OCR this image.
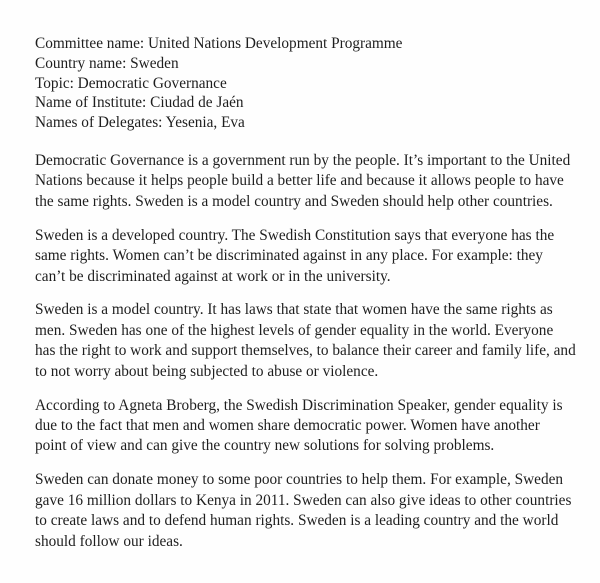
Committee name: United Nations Development Programme
Country name: Sweden
Topic: Democratic Governance
Name of Institute: Ciudad de Jaén
Names of Delegates: Yesenia, Eva
Democratic Governance is a government run by the people. It’s important to the United
Nations because it helps people build a better life and because it allows people to have
the same rights. Sweden is a model country and Sweden should help other countries.
Sweden is a developed country. The Swedish Constitution says that everyone has the
same rights. Women can’t be discriminated against in any place. For example: they
can’t be discriminated against at work or in the university.
Sweden is a model country. It has laws that state that women have the same rights as
men. Sweden has one of the highest levels of gender equality in the world. Everyone
has the right to work and support themselves, to balance their career and family life, and
to not worry about being subjected to abuse or violence.
According to Agneta Broberg, the Swedish Discrimination Speaker, gender equality is
due to the fact that men and women share democratic power. Women have another
point of view and can give the country new solutions for solving problems.
Sweden can donate money to some poor countries to help them. For example, Sweden
gave 16 million dollars to Kenya in 2011. Sweden can also give ideas to other countries
to create laws and to defend human rights. Sweden is a leading country and the world
should follow our ideas.
